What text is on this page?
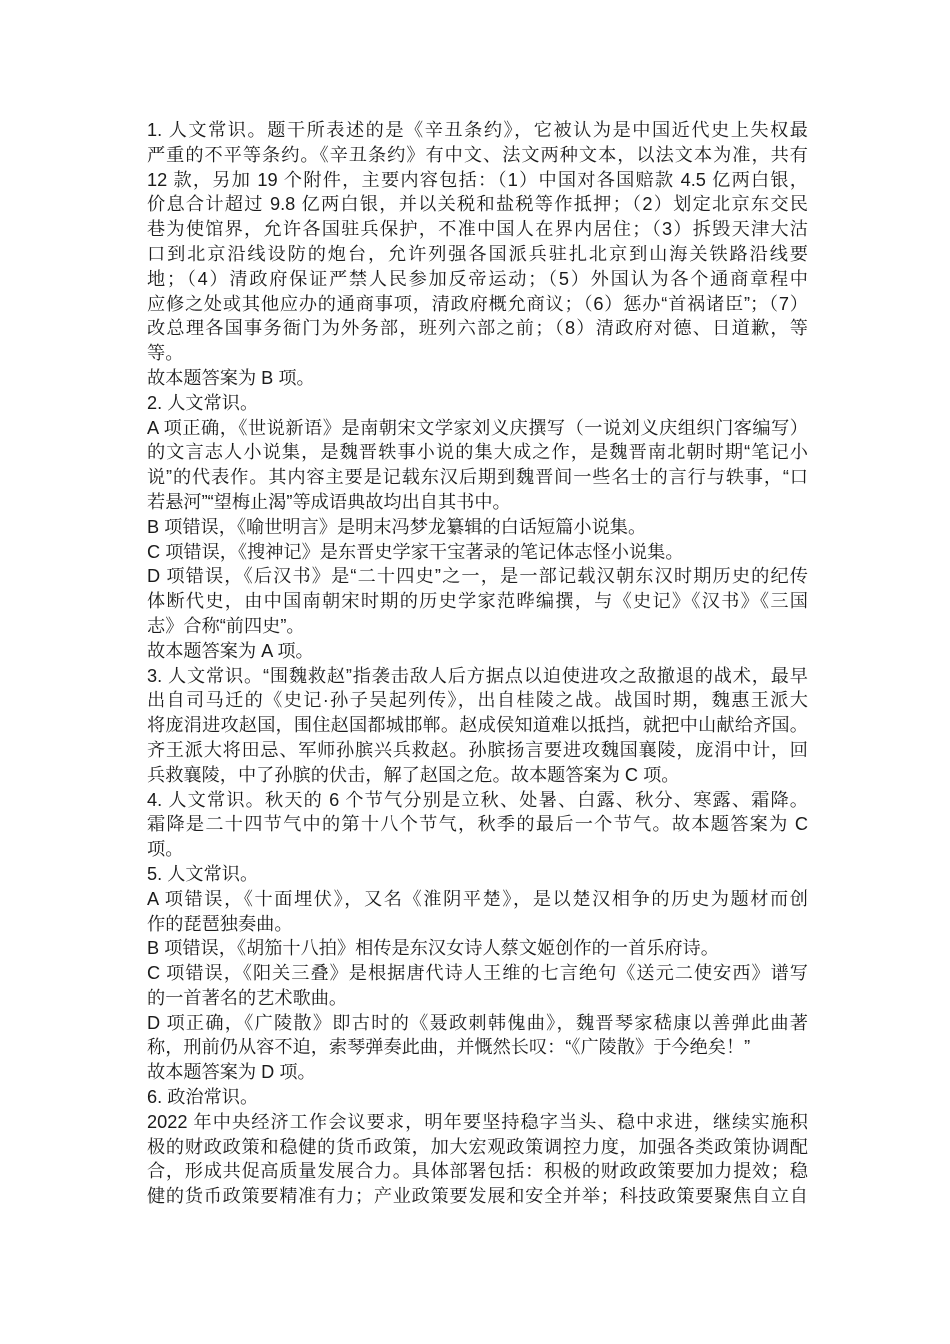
1. 人文常识。题干所表述的是《辛丑条约》，它被认为是中国近代史上失权最
严重的不平等条约。《辛丑条约》有中文、法文两种文本，以法文本为准，共有
12 款，另加 19 个附件，主要内容包括：（1）中国对各国赔款 4.5 亿两白银，
价息合计超过 9.8 亿两白银，并以关税和盐税等作抵押；（2）划定北京东交民
巷为使馆界，允许各国驻兵保护，不准中国人在界内居住；（3）拆毁天津大沽
口到北京沿线设防的炮台，允许列强各国派兵驻扎北京到山海关铁路沿线要
地；（4）清政府保证严禁人民参加反帝运动；（5）外国认为各个通商章程中
应修之处或其他应办的通商事项，清政府概允商议；（6）惩办“首祸诸臣”；（7）
改总理各国事务衙门为外务部，班列六部之前；（8）清政府对德、日道歉，等
等。
故本题答案为 B 项。
2. 人文常识。
A 项正确，《世说新语》是南朝宋文学家刘义庆撰写（一说刘义庆组织门客编写）
的文言志人小说集，是魏晋轶事小说的集大成之作，是魏晋南北朝时期“笔记小
说”的代表作。其内容主要是记载东汉后期到魏晋间一些名士的言行与轶事，“口
若悬河”“望梅止渴”等成语典故均出自其书中。
B 项错误，《喻世明言》是明末冯梦龙纂辑的白话短篇小说集。
C 项错误，《搜神记》是东晋史学家干宝著录的笔记体志怪小说集。
D 项错误，《后汉书》是“二十四史”之一，是一部记载汉朝东汉时期历史的纪传
体断代史，由中国南朝宋时期的历史学家范晔编撰，与《史记》《汉书》《三国
志》合称“前四史”。
故本题答案为 A 项。
3. 人文常识。“围魏救赵”指袭击敌人后方据点以迫使进攻之敌撤退的战术，最早
出自司马迁的《史记·孙子吴起列传》，出自桂陵之战。战国时期，魏惠王派大
将庞涓进攻赵国，围住赵国都城邯郸。赵成侯知道难以抵挡，就把中山献给齐国。
齐王派大将田忌、军师孙膑兴兵救赵。孙膑扬言要进攻魏国襄陵，庞涓中计，回
兵救襄陵，中了孙膑的伏击，解了赵国之危。故本题答案为 C 项。
4. 人文常识。秋天的 6 个节气分别是立秋、处暑、白露、秋分、寒露、霜降。
霜降是二十四节气中的第十八个节气，秋季的最后一个节气。故本题答案为 C
项。
5. 人文常识。
A 项错误，《十面埋伏》，又名《淮阴平楚》，是以楚汉相争的历史为题材而创
作的琵琶独奏曲。
B 项错误，《胡笳十八拍》相传是东汉女诗人蔡文姬创作的一首乐府诗。
C 项错误，《阳关三叠》是根据唐代诗人王维的七言绝句《送元二使安西》谱写
的一首著名的艺术歌曲。
D 项正确，《广陵散》即古时的《聂政刺韩傀曲》，魏晋琴家嵇康以善弹此曲著
称，刑前仍从容不迫，索琴弹奏此曲，并慨然长叹：“《广陵散》于今绝矣！”
故本题答案为 D 项。
6. 政治常识。
2022 年中央经济工作会议要求，明年要坚持稳字当头、稳中求进，继续实施积
极的财政政策和稳健的货币政策，加大宏观政策调控力度，加强各类政策协调配
合，形成共促高质量发展合力。具体部署包括：积极的财政政策要加力提效；稳
健的货币政策要精准有力；产业政策要发展和安全并举；科技政策要聚焦自立自
